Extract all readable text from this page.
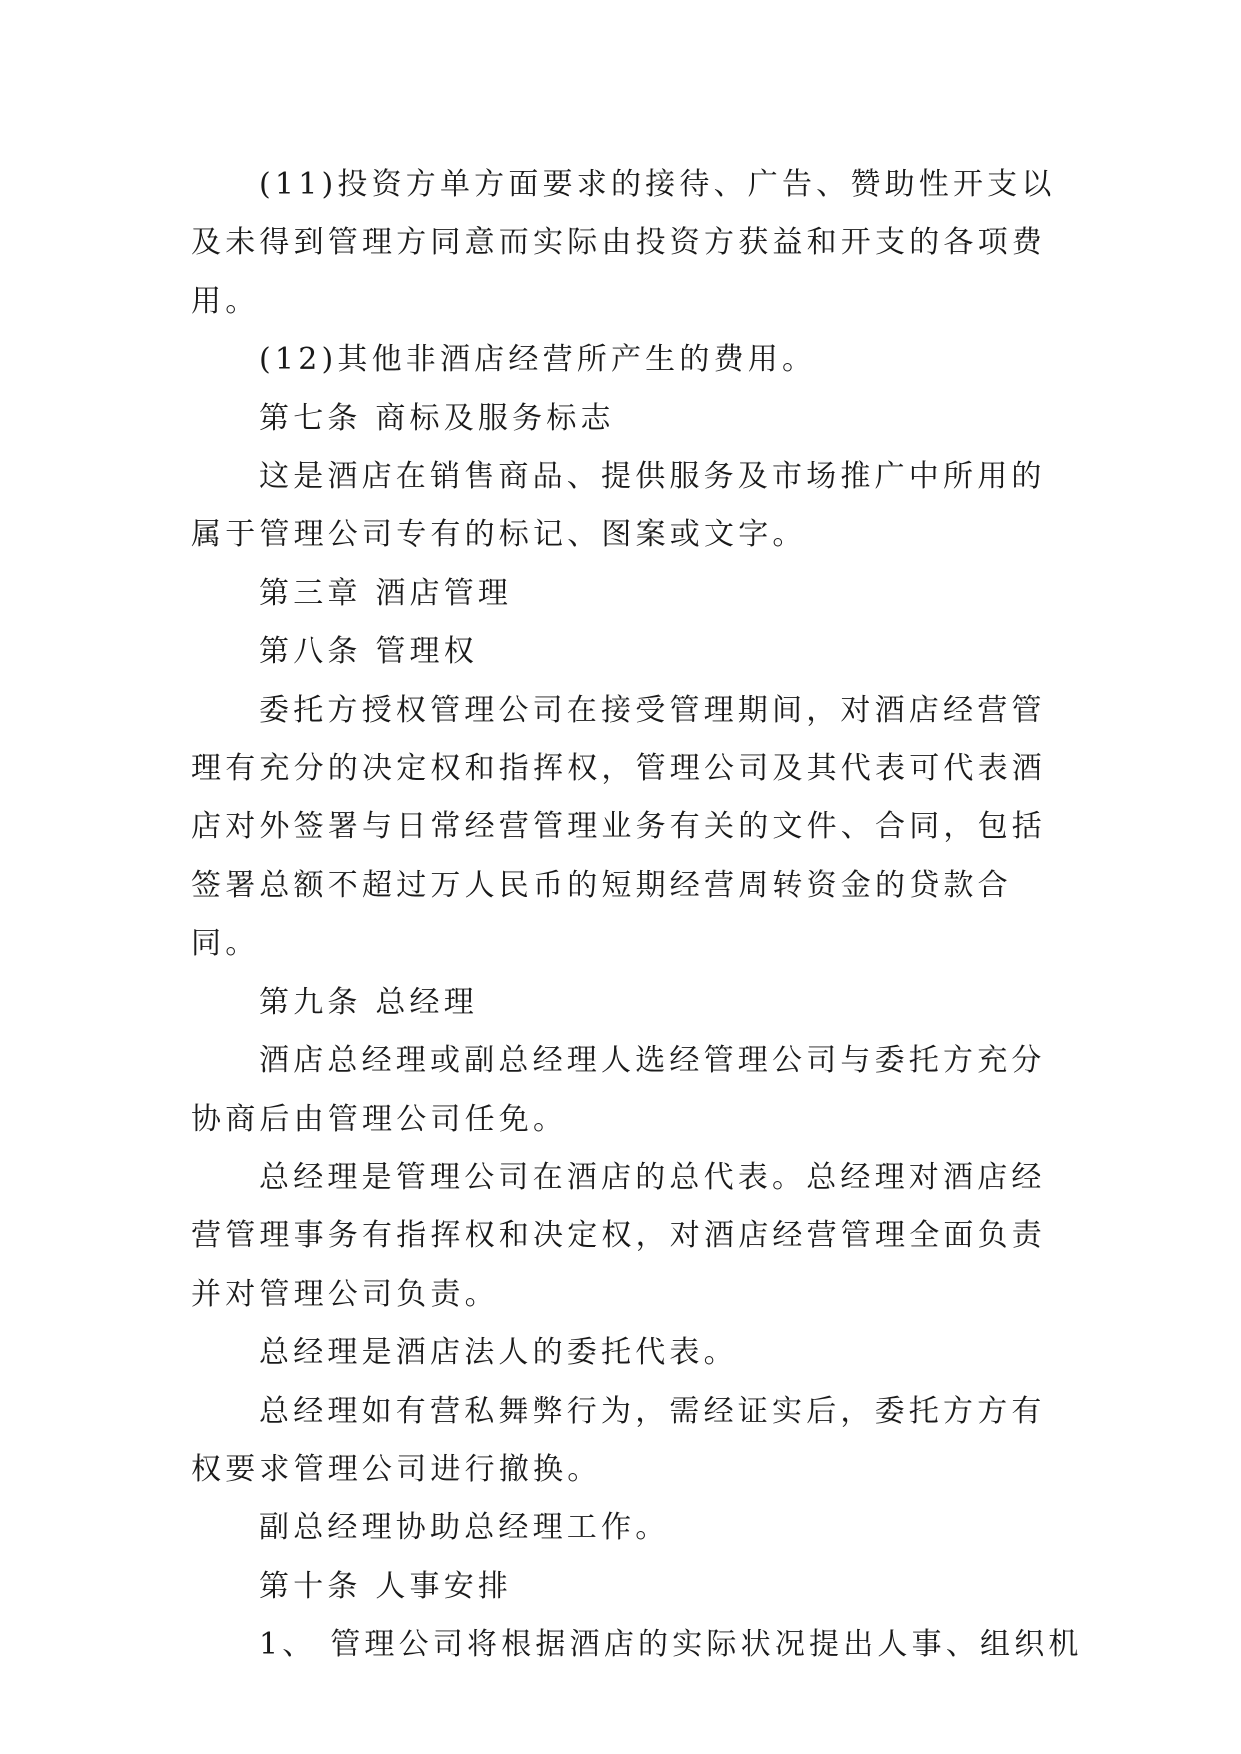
(11)投资方单方面要求的接待、广告、赞助性开支以及未得到管理方同意而实际由投资方获益和开支的各项费用。

(12)其他非酒店经营所产生的费用。

第七条 商标及服务标志

这是酒店在销售商品、提供服务及市场推广中所用的属于管理公司专有的标记、图案或文字。

第三章 酒店管理

第八条 管理权

委托方授权管理公司在接受管理期间，对酒店经营管理有充分的决定权和指挥权，管理公司及其代表可代表酒店对外签署与日常经营管理业务有关的文件、合同，包括签署总额不超过万人民币的短期经营周转资金的贷款合同。

第九条 总经理

酒店总经理或副总经理人选经管理公司与委托方充分协商后由管理公司任免。

总经理是管理公司在酒店的总代表。总经理对酒店经营管理事务有指挥权和决定权，对酒店经营管理全面负责并对管理公司负责。

总经理是酒店法人的委托代表。

总经理如有营私舞弊行为，需经证实后，委托方方有权要求管理公司进行撤换。

副总经理协助总经理工作。

第十条 人事安排

1、 管理公司将根据酒店的实际状况提出人事、组织机
